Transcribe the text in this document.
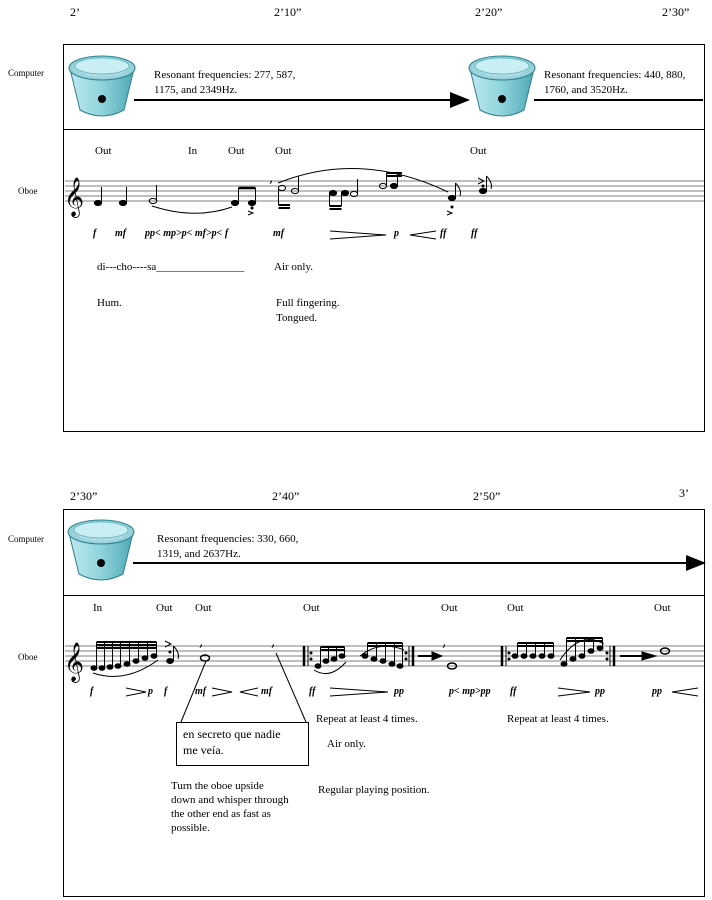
2’	2’10”	2’20”	2’30”
Computer
Oboe
Resonant frequencies: 277, 587,
1175, and 2349Hz.
Resonant frequencies: 440, 880,
1760, and 3520Hz.
Out	In	Out	Out	Out
f mf pp< mp>p< mf>p< f	mf	p	ff ff
di---cho----sa________________	Air only.
Hum.	Full fingering.
Tongued.
2’30”	2’40”	2’50”	3’
Computer
Oboe
Resonant frequencies: 330, 660,
1319, and 2637Hz.
In	Out Out	Out	Out	Out	Out
f	p f	mf	mf	ff	pp	p< mp>pp ff	pp	pp
en secreto que nadie
me veía.
Repeat at least 4 times.	Repeat at least 4 times.
Air only.
Turn the oboe upside
down and whisper through
the other end as fast as
possible.
Regular playing position.
𝄞	,
𝄞	,	,	,
